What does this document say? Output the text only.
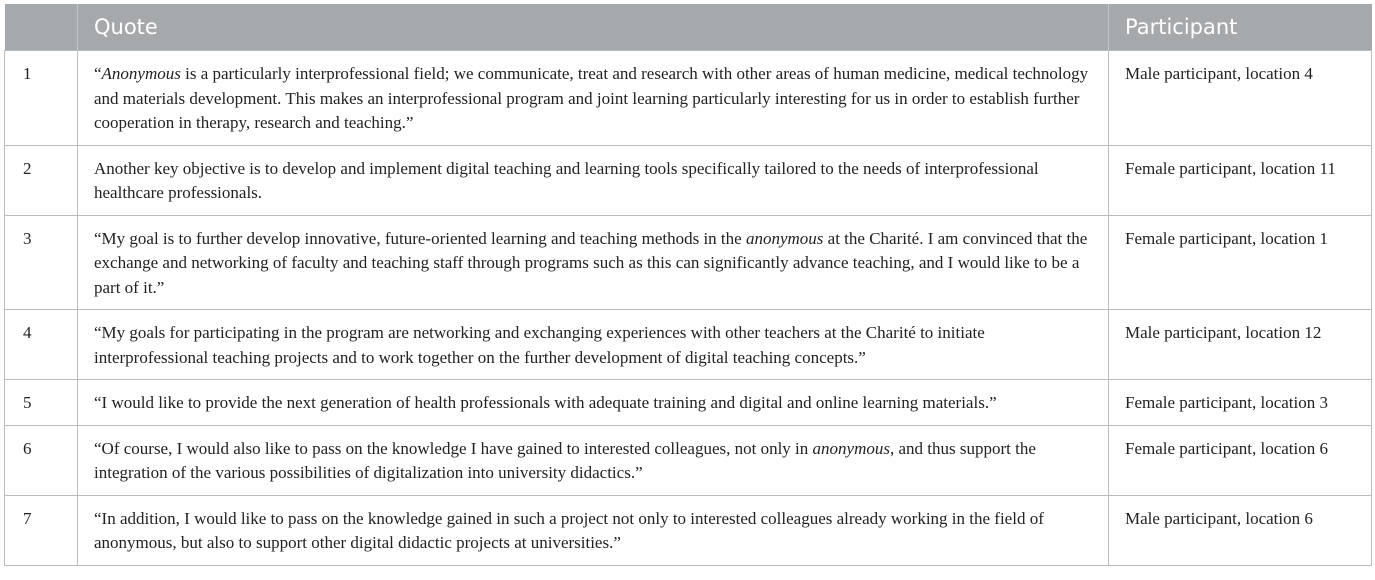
	Quote	Participant
1	“Anonymous is a particularly interprofessional field; we communicate, treat and research with other areas of human medicine, medical technology and materials development. This makes an interprofessional program and joint learning particularly interesting for us in order to establish further cooperation in therapy, research and teaching.”	Male participant, location 4
2	Another key objective is to develop and implement digital teaching and learning tools specifically tailored to the needs of interprofessional healthcare professionals.	Female participant, location 11
3	“My goal is to further develop innovative, future-oriented learning and teaching methods in the anonymous at the Charité. I am convinced that the exchange and networking of faculty and teaching staff through programs such as this can significantly advance teaching, and I would like to be a part of it.”	Female participant, location 1
4	“My goals for participating in the program are networking and exchanging experiences with other teachers at the Charité to initiate interprofessional teaching projects and to work together on the further development of digital teaching concepts.”	Male participant, location 12
5	“I would like to provide the next generation of health professionals with adequate training and digital and online learning materials.”	Female participant, location 3
6	“Of course, I would also like to pass on the knowledge I have gained to interested colleagues, not only in anonymous, and thus support the integration of the various possibilities of digitalization into university didactics.”	Female participant, location 6
7	“In addition, I would like to pass on the knowledge gained in such a project not only to interested colleagues already working in the field of anonymous, but also to support other digital didactic projects at universities.”	Male participant, location 6
